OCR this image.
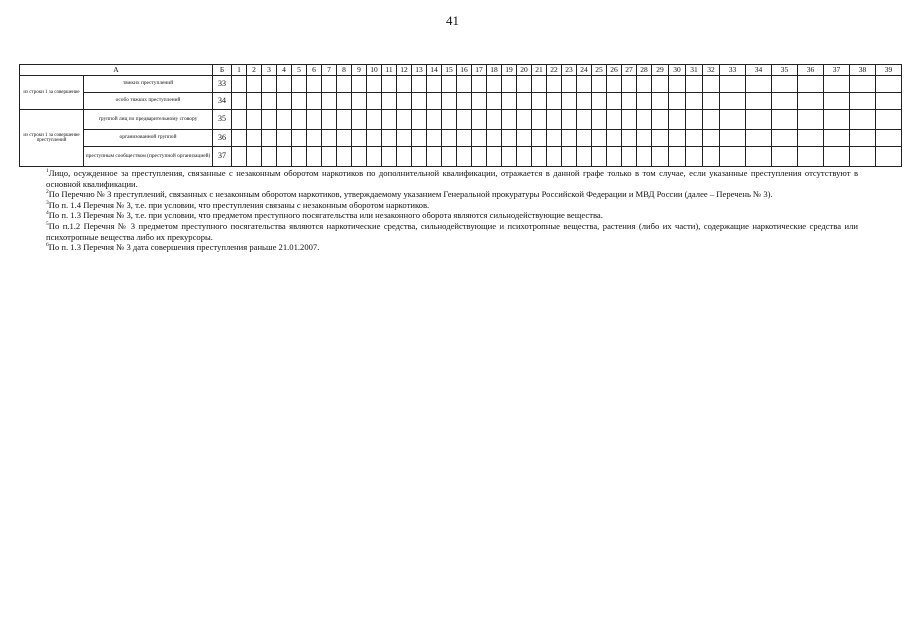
41
А		Б	1	2	3	4	5	6	7	8	9	10	11	12	13	14	15	16	17	18	19	20	21	22	23	24	25	26	27	28	29	30	31	32	33	34	35	36	37	38	39
из строки 1 за совершение	тяжких преступлений	33																																							
	особо тяжких преступлений	34																																							
из строки 1 за совершение преступлений	группой лиц по предварительному сговору	35																																							
	организованной группой	36																																							
	преступным сообществом (преступной организацией)	37																																							

$^1$Лицо, осужденное за преступления, связанные с незаконным оборотом наркотиков по дополнительной квалификации, отражается в данной графе только в том случае, если указанные преступления отсутствуют в основной квалификации.

$^2$По Перечню № 3 преступлений, связанных с незаконным оборотом наркотиков, утверждаемому указанием Генеральной прокуратуры Российской Федерации и МВД России (далее – Перечень № 3).

$^3$По п. 1.4 Перечня № 3, т.е. при условии, что преступления связаны с незаконным оборотом наркотиков.

$^4$По п. 1.3 Перечня № 3, т.е. при условии, что предметом преступного посягательства или незаконного оборота являются сильнодействующие вещества.

$^5$По п.1.2 Перечня № 3 предметом преступного посягательства являются наркотические средства, сильнодействующие и психотропные вещества, растения (либо их части), содержащие наркотические средства или психотропные вещества либо их прекурсоры.

$^6$По п. 1.3 Перечня № 3 дата совершения преступления раньше 21.01.2007.
